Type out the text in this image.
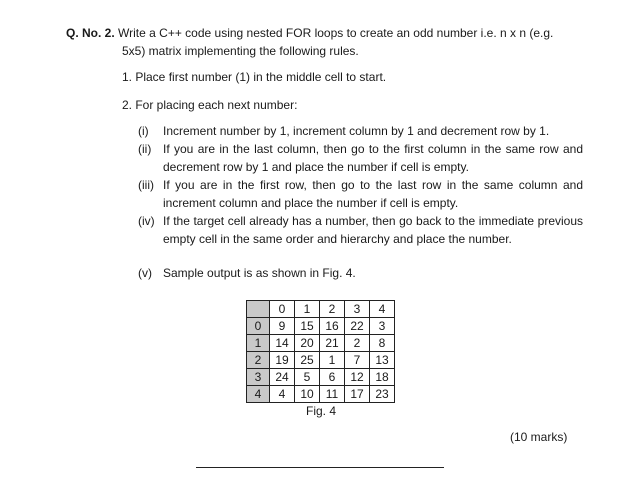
Q. No. 2. Write a C++ code using nested FOR loops to create an odd number i.e. n x n (e.g.
5x5) matrix implementing the following rules.
1. Place first number (1) in the middle cell to start.
2. For placing each next number:
(i)	Increment number by 1, increment column by 1 and decrement row by 1.
(ii) If you are in the last column, then go to the first column in the same row and decrement row by 1 and place the number if cell is empty.
(iii) If you are in the first row, then go to the last row in the same column and increment column and place the number if cell is empty.
(iv) If the target cell already has a number, then go back to the immediate previous empty cell in the same order and hierarchy and place the number.
(v) Sample output is as shown in Fig. 4.
	0	1	2	3	4
0	9	15	16	22	3
1	14	20	21	2	8
2	19	25	1	7	13
3	24	5	6	12	18
4	4	10	11	17	23
Fig. 4
(10 marks)
